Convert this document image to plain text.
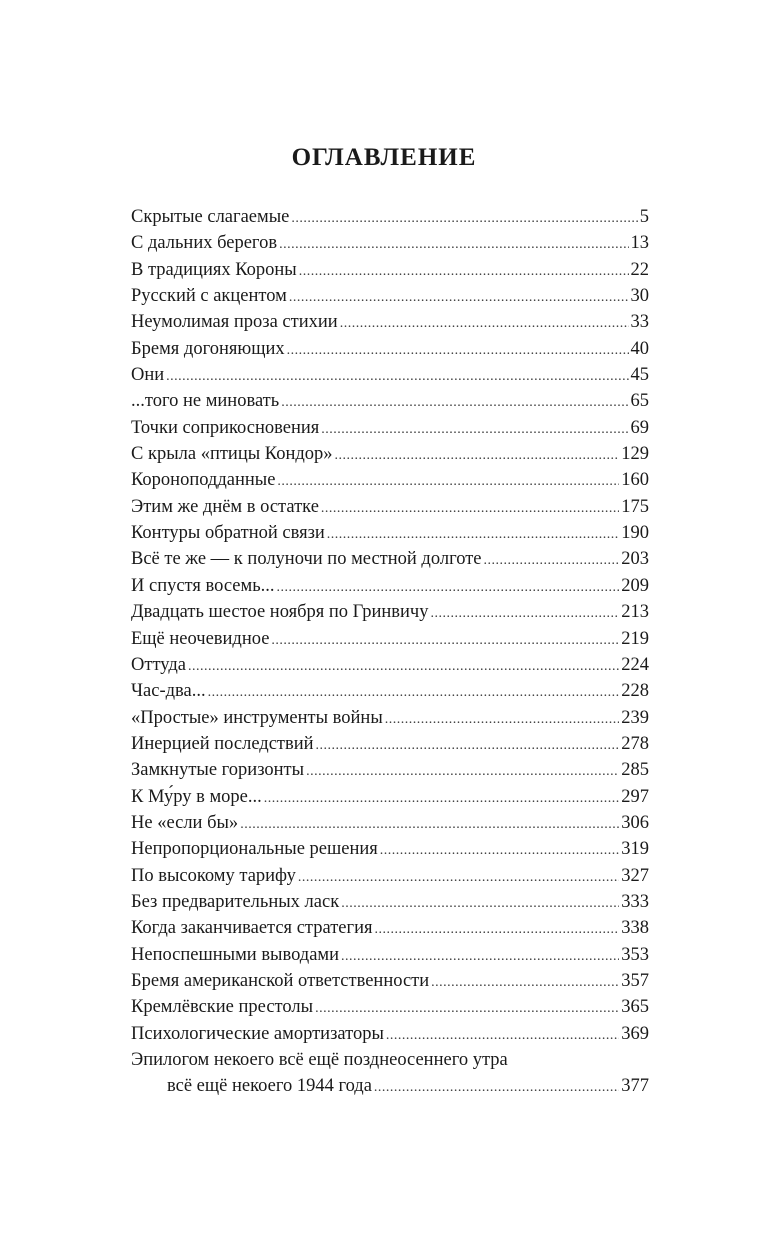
ОГЛАВЛЕНИЕ
Скрытые слагаемые .....	5
С дальних берегов .....	13
В традициях Короны .....	22
Русский с акцентом .....	30
Неумолимая проза стихии .....	33
Бремя догоняющих .....	40
Они .....	45
...того не миновать .....	65
Точки соприкосновения .....	69
С крыла «птицы Кондор» .....	129
Коронoподданные .....	160
Этим же днём в остатке .....	175
Контуры обратной связи .....	190
Всё те же — к полуночи по местной долготе .....	203
И спустя восемь... .....	209
Двадцать шестое ноября по Гринвичу .....	213
Ещё неочевидное .....	219
Оттуда .....	224
Час-два... .....	228
«Простые» инструменты войны .....	239
Инерцией последствий .....	278
Замкнутые горизонты .....	285
К Му́ру в море... .....	297
Не «если бы» .....	306
Непропорциональные решения .....	319
По высокому тарифу .....	327
Без предварительных ласк .....	333
Когда заканчивается стратегия .....	338
Непоспешными выводами .....	353
Бремя американской ответственности .....	357
Кремлёвские престолы .....	365
Психологические амортизаторы .....	369
Эпилогом некоего всё ещё позднеосеннего утра
всё ещё некоего 1944 года .....	377
